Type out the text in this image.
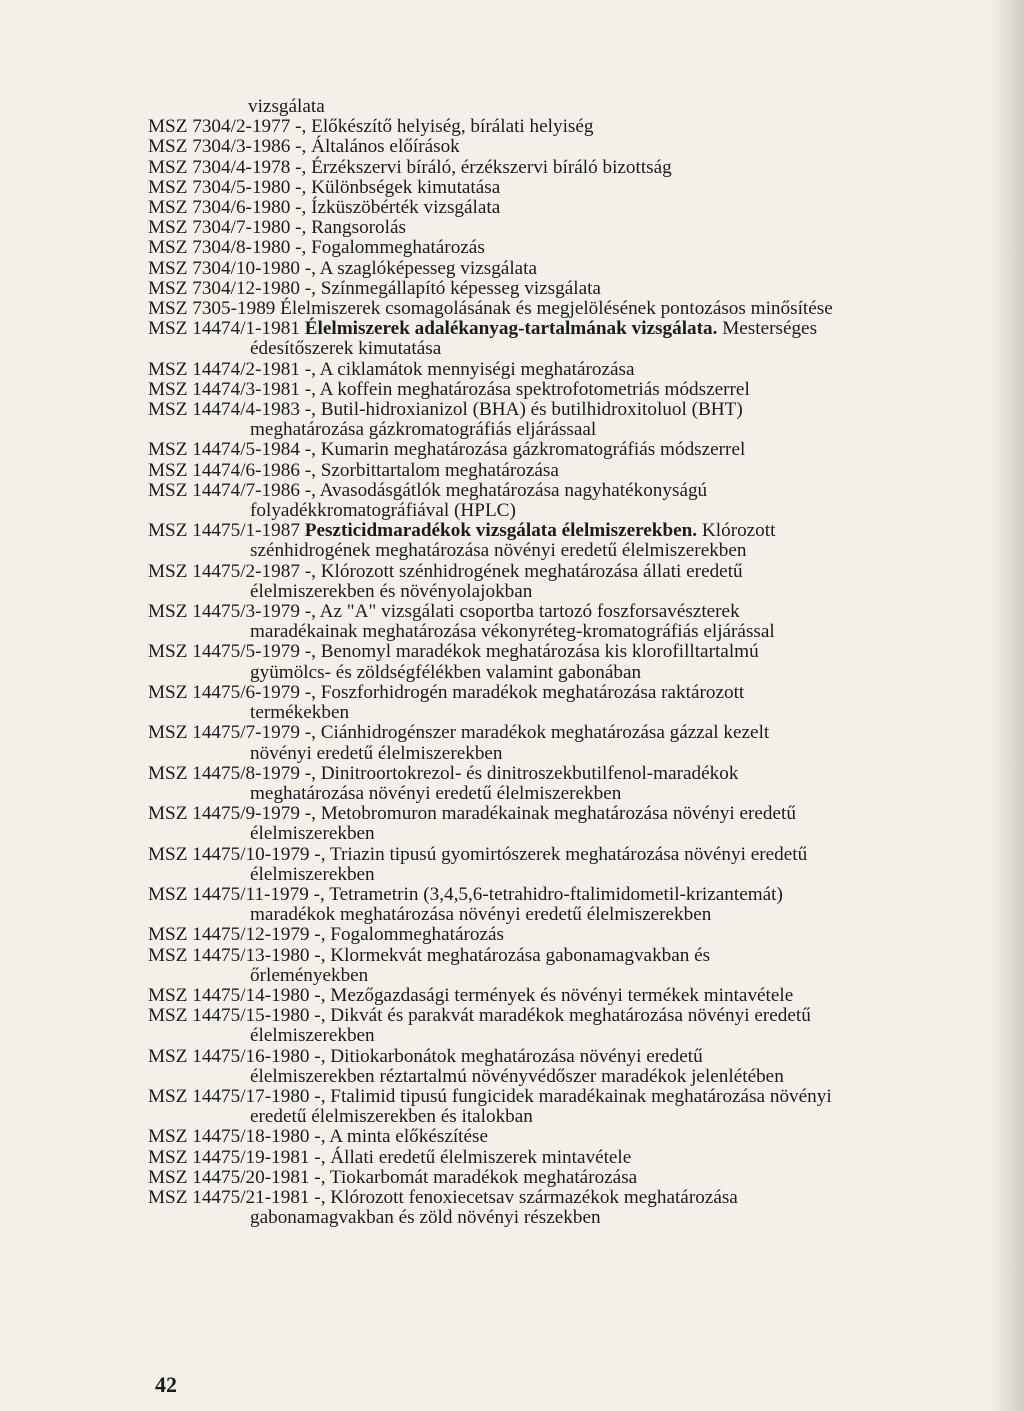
vizsgálata
MSZ 7304/2-1977 -, Előkészítő helyiség, bírálati helyiség
MSZ 7304/3-1986 -, Általános előírások
MSZ 7304/4-1978 -, Érzékszervi bíráló, érzékszervi bíráló bizottság
MSZ 7304/5-1980 -, Különbségek kimutatása
MSZ 7304/6-1980 -, Ízküszöbérték vizsgálata
MSZ 7304/7-1980 -, Rangsorolás
MSZ 7304/8-1980 -, Fogalommeghatározás
MSZ 7304/10-1980 -, A szaglóképesseg vizsgálata
MSZ 7304/12-1980 -, Színmegállapító képesseg vizsgálata
MSZ 7305-1989 Élelmiszerek csomagolásának és megjelölésének pontozásos minősítése
MSZ 14474/1-1981 Élelmiszerek adalékanyag-tartalmának vizsgálata. Mesterséges
édesítőszerek kimutatása
MSZ 14474/2-1981 -, A ciklamátok mennyiségi meghatározása
MSZ 14474/3-1981 -, A koffein meghatározása spektrofotometriás módszerrel
MSZ 14474/4-1983 -, Butil-hidroxianizol (BHA) és butilhidroxitoluol (BHT)
meghatározása gázkromatográfiás eljárássaal
MSZ 14474/5-1984 -, Kumarin meghatározása gázkromatográfiás módszerrel
MSZ 14474/6-1986 -, Szorbittartalom meghatározása
MSZ 14474/7-1986 -, Avasodásgátlók meghatározása nagyhatékonyságú
folyadékkromatográfiával (HPLC)
MSZ 14475/1-1987 Peszticidmaradékok vizsgálata élelmiszerekben. Klórozott
szénhidrogének meghatározása növényi eredetű élelmiszerekben
MSZ 14475/2-1987 -, Klórozott szénhidrogének meghatározása állati eredetű
élelmiszerekben és növényolajokban
MSZ 14475/3-1979 -, Az "A" vizsgálati csoportba tartozó foszforsavészterek
maradékainak meghatározása vékonyréteg-kromatográfiás eljárással
MSZ 14475/5-1979 -, Benomyl maradékok meghatározása kis klorofilltartalmú
gyümölcs- és zöldségfélékben valamint gabonában
MSZ 14475/6-1979 -, Foszforhidrogén maradékok meghatározása raktározott
termékekben
MSZ 14475/7-1979 -, Ciánhidrogénszer maradékok meghatározása gázzal kezelt
növényi eredetű élelmiszerekben
MSZ 14475/8-1979 -, Dinitroortokrezol- és dinitroszekbutilfenol-maradékok
meghatározása növényi eredetű élelmiszerekben
MSZ 14475/9-1979 -, Metobromuron maradékainak meghatározása növényi eredetű
élelmiszerekben
MSZ 14475/10-1979 -, Triazin tipusú gyomirtószerek meghatározása növényi eredetű
élelmiszerekben
MSZ 14475/11-1979 -, Tetrametrin (3,4,5,6-tetrahidro-ftalimidometil-krizantemát)
maradékok meghatározása növényi eredetű élelmiszerekben
MSZ 14475/12-1979 -, Fogalommeghatározás
MSZ 14475/13-1980 -, Klormekvát meghatározása gabonamagvakban és
őrleményekben
MSZ 14475/14-1980 -, Mezőgazdasági termények és növényi termékek mintavétele
MSZ 14475/15-1980 -, Dikvát és parakvát maradékok meghatározása növényi eredetű
élelmiszerekben
MSZ 14475/16-1980 -, Ditiokarbonátok meghatározása növényi eredetű
élelmiszerekben réztartalmú növényvédőszer maradékok jelenlétében
MSZ 14475/17-1980 -, Ftalimid tipusú fungicidek maradékainak meghatározása növényi
eredetű élelmiszerekben és italokban
MSZ 14475/18-1980 -, A minta előkészítése
MSZ 14475/19-1981 -, Állati eredetű élelmiszerek mintavétele
MSZ 14475/20-1981 -, Tiokarbomát maradékok meghatározása
MSZ 14475/21-1981 -, Klórozott fenoxiecetsav származékok meghatározása
gabonamagvakban és zöld növényi részekben
42
